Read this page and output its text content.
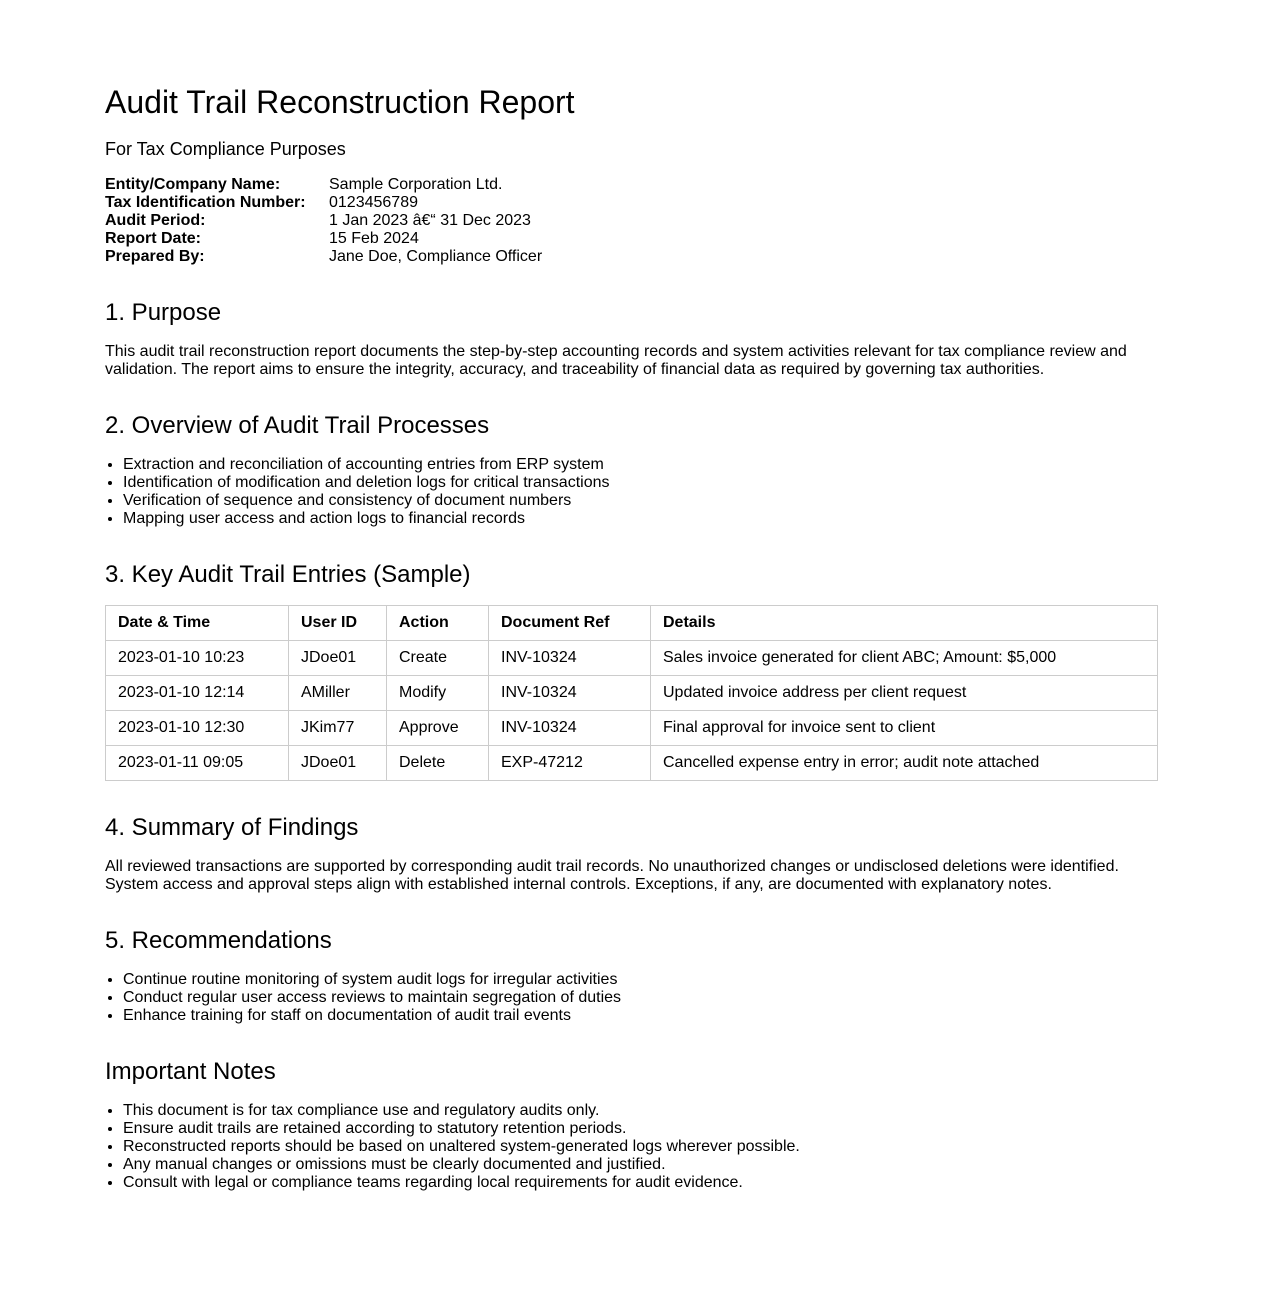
Audit Trail Reconstruction Report
For Tax Compliance Purposes
Entity/Company Name:	Sample Corporation Ltd.
Tax Identification Number:	0123456789
Audit Period:	1 Jan 2023 â€“ 31 Dec 2023
Report Date:	15 Feb 2024
Prepared By:	Jane Doe, Compliance Officer
1. Purpose

This audit trail reconstruction report documents the step-by-step accounting records and system activities relevant for tax compliance review and validation. The report aims to ensure the integrity, accuracy, and traceability of financial data as required by governing tax authorities.

2. Overview of Audit Trail Processes
• Extraction and reconciliation of accounting entries from ERP system
• Identification of modification and deletion logs for critical transactions
• Verification of sequence and consistency of document numbers
• Mapping user access and action logs to financial records
3. Key Audit Trail Entries (Sample)
Date & Time	User ID	Action	Document Ref	Details
2023-01-10 10:23	JDoe01	Create	INV-10324	Sales invoice generated for client ABC; Amount: $5,000
2023-01-10 12:14	AMiller	Modify	INV-10324	Updated invoice address per client request
2023-01-10 12:30	JKim77	Approve	INV-10324	Final approval for invoice sent to client
2023-01-11 09:05	JDoe01	Delete	EXP-47212	Cancelled expense entry in error; audit note attached
4. Summary of Findings

All reviewed transactions are supported by corresponding audit trail records. No unauthorized changes or undisclosed deletions were identified. System access and approval steps align with established internal controls. Exceptions, if any, are documented with explanatory notes.

5. Recommendations
• Continue routine monitoring of system audit logs for irregular activities
• Conduct regular user access reviews to maintain segregation of duties
• Enhance training for staff on documentation of audit trail events
Important Notes
• This document is for tax compliance use and regulatory audits only.
• Ensure audit trails are retained according to statutory retention periods.
• Reconstructed reports should be based on unaltered system-generated logs wherever possible.
• Any manual changes or omissions must be clearly documented and justified.
• Consult with legal or compliance teams regarding local requirements for audit evidence.
